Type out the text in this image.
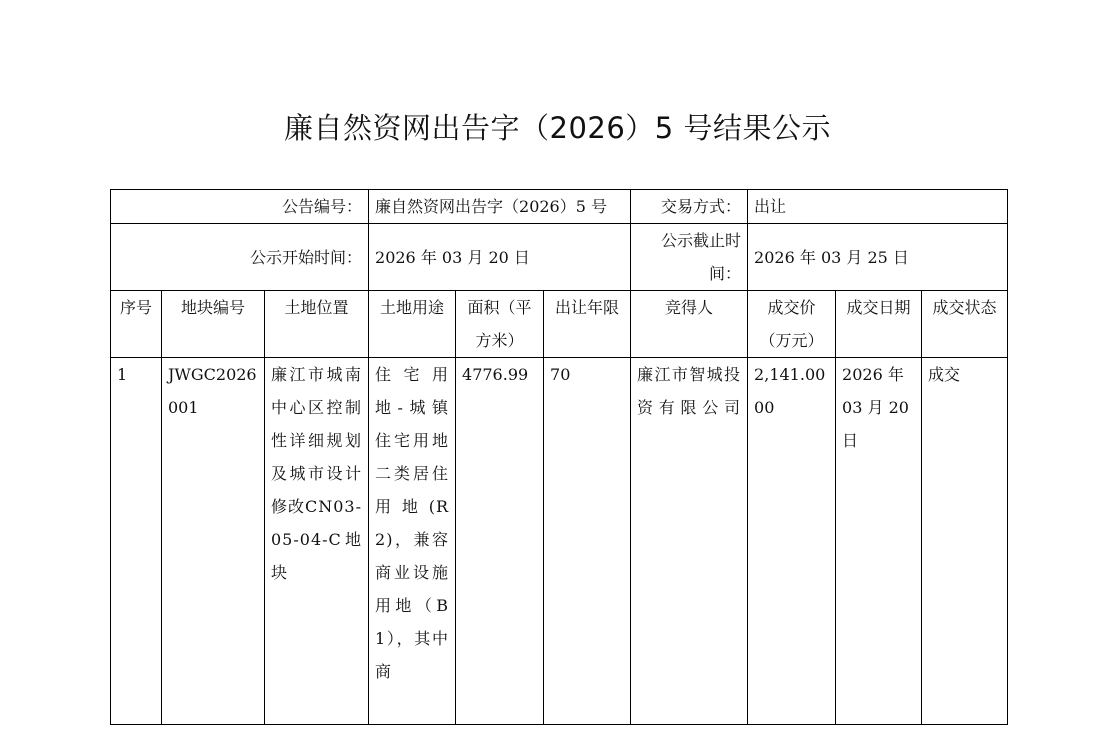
廉自然资网出告字（2026）5 号结果公示
公告编号：			廉自然资网出告字（2026）5 号			交易方式：	出让		
公示开始时间：			2026 年 03 月 20 日			公示截止时间：	2026 年 03 月 25 日		
序号	地块编号	土地位置	土地用途	面积（平方米）	出让年限	竞得人	成交价（万元）	成交日期	成交状态
1	JWGC2026001	廉江市城南中心区控制性详细规划及城市设计修改CN03-05-04-C地块	住宅用地-城镇住宅用地二类居住用地(R2)，兼容商业设施用地（B1），其中商	4776.99	70	廉江市智城投资有限公司	2,141.0000	2026 年 03 月 20 日	成交
